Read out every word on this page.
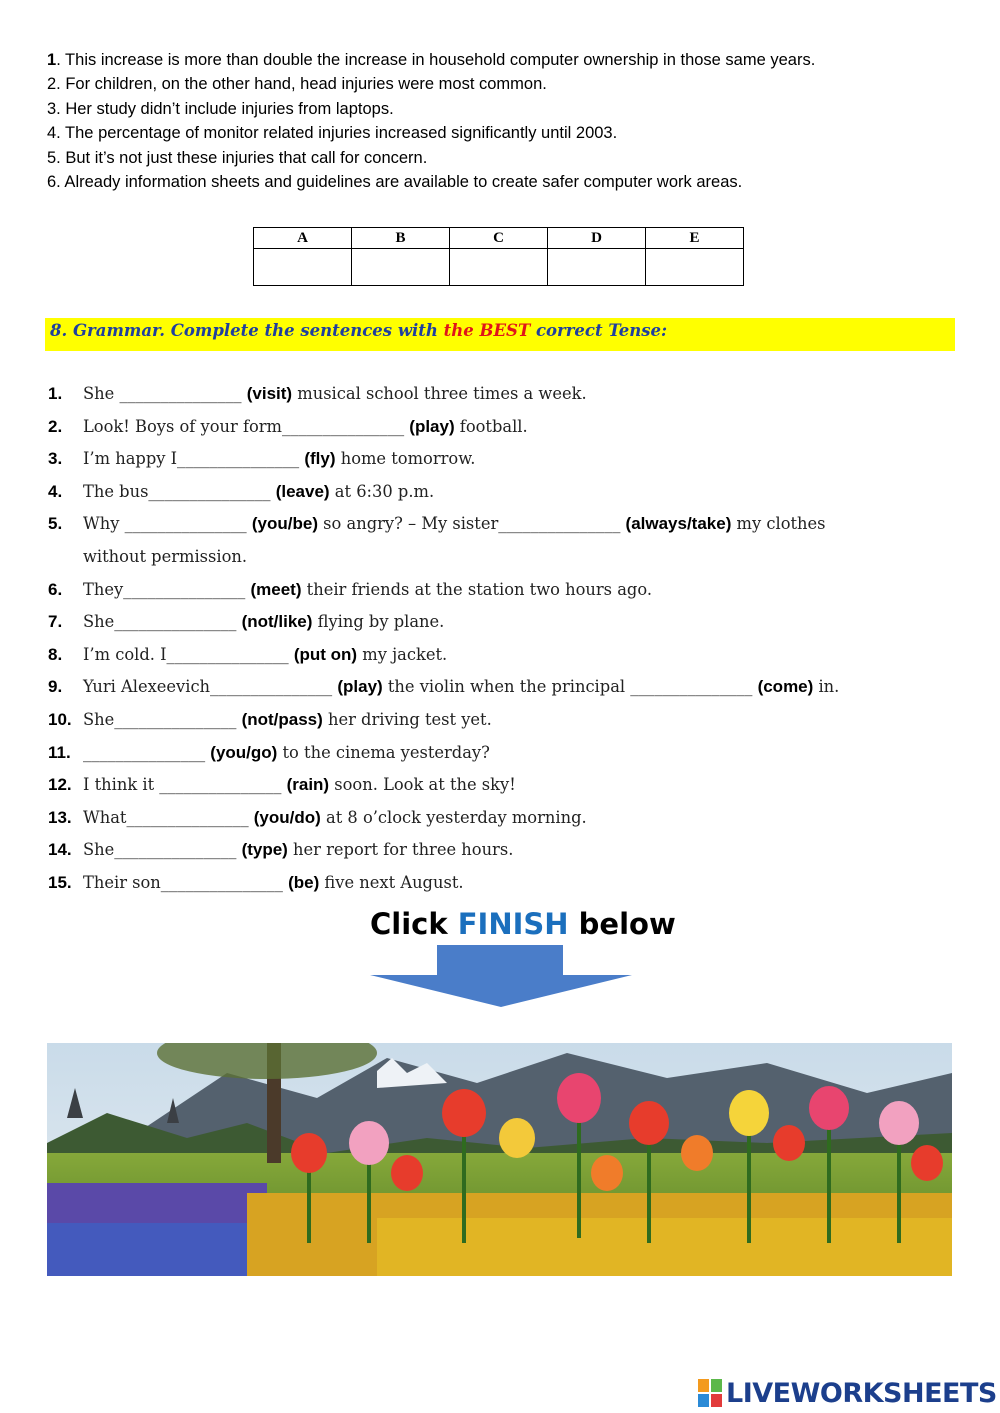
1. This increase is more than double the increase in household computer ownership in those same years.
2. For children, on the other hand, head injuries were most common.
3. Her study didn’t include injuries from laptops.
4. The percentage of monitor related injuries increased significantly until 2003.
5. But it’s not just these injuries that call for concern.
6. Already information sheets and guidelines are available to create safer computer work areas.
A	B	C	D	E

8. Grammar. Complete the sentences with the BEST correct Tense:
1. She _______________ (visit) musical school three times a week.
2. Look! Boys of your form_______________ (play) football.
3. I’m happy I_______________ (fly) home tomorrow.
4. The bus_______________ (leave) at 6:30 p.m.
5. Why _______________ (you/be) so angry? – My sister_______________ (always/take) my clothes
without permission.
6. They_______________ (meet) their friends at the station two hours ago.
7. She_______________ (not/like) flying by plane.
8. I’m cold. I_______________ (put on) my jacket.
9. Yuri Alexeevich_______________ (play) the violin when the principal _______________ (come) in.
10. She_______________ (not/pass) her driving test yet.
11. _______________ (you/go) to the cinema yesterday?
12. I think it _______________ (rain) soon. Look at the sky!
13. What_______________ (you/do) at 8 o’clock yesterday morning.
14. She_______________ (type) her report for three hours.
15. Their son_______________ (be) five next August.
Click FINISH below
LIVEWORKSHEETS
